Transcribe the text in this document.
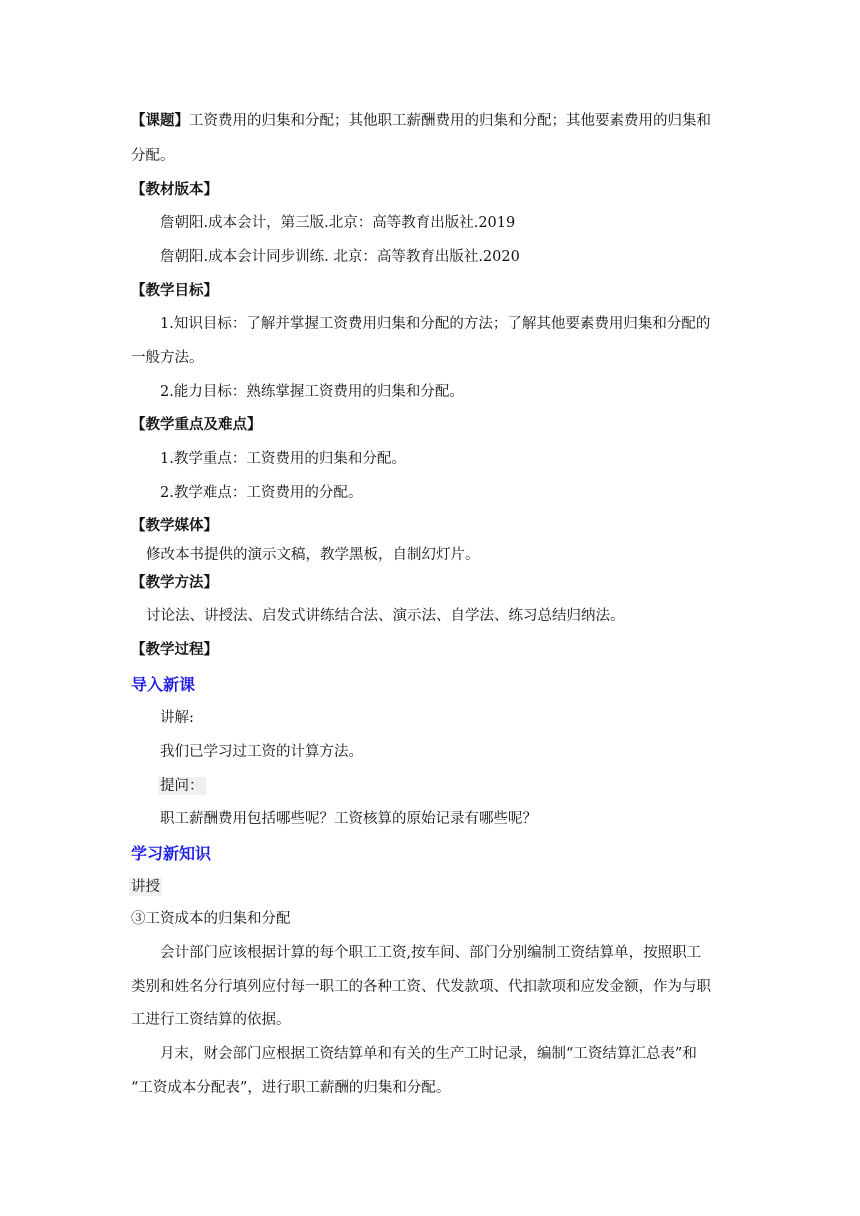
【课题】工资费用的归集和分配；其他职工薪酬费用的归集和分配；其他要素费用的归集和
分配。
【教材版本】
詹朝阳.成本会计，第三版.北京：高等教育出版社.2019
詹朝阳.成本会计同步训练. 北京：高等教育出版社.2020
【教学目标】
1.知识目标：了解并掌握工资费用归集和分配的方法；了解其他要素费用归集和分配的
一般方法。
2.能力目标：熟练掌握工资费用的归集和分配。
【教学重点及难点】
1.教学重点：工资费用的归集和分配。
2.教学难点：工资费用的分配。
【教学媒体】
修改本书提供的演示文稿，教学黑板，自制幻灯片。
【教学方法】
讨论法、讲授法、启发式讲练结合法、演示法、自学法、练习总结归纳法。
【教学过程】
导入新课
讲解:
我们已学习过工资的计算方法。
提问：
职工薪酬费用包括哪些呢？工资核算的原始记录有哪些呢？
学习新知识
讲授
③工资成本的归集和分配
会计部门应该根据计算的每个职工工资,按车间、部门分别编制工资结算单，按照职工
类别和姓名分行填列应付每一职工的各种工资、代发款项、代扣款项和应发金额，作为与职
工进行工资结算的依据。
月末，财会部门应根据工资结算单和有关的生产工时记录，编制“工资结算汇总表”和
“工资成本分配表”，进行职工薪酬的归集和分配。
